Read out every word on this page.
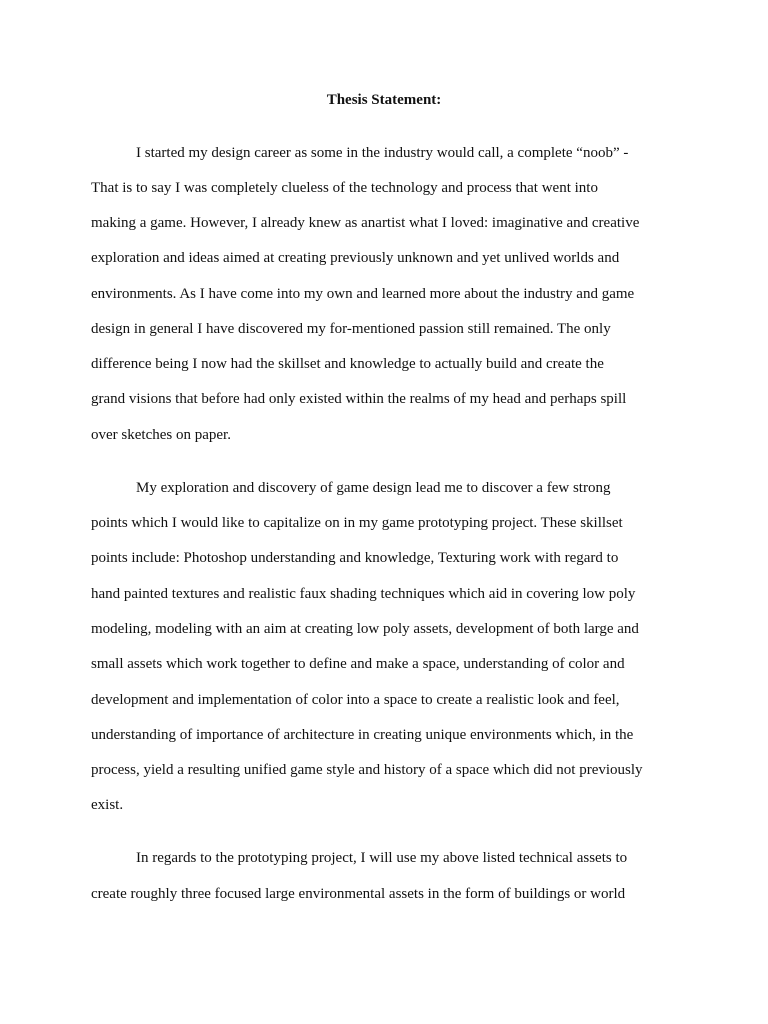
Thesis Statement:
I started my design career as some in the industry would call, a complete “noob” -
That is to say I was completely clueless of the technology and process that went into
making a game. However, I already knew as anartist what I loved: imaginative and creative
exploration and ideas aimed at creating previously unknown and yet unlived worlds and
environments. As I have come into my own and learned more about the industry and game
design in general I have discovered my for-mentioned passion still remained. The only
difference being I now had the skillset and knowledge to actually build and create the
grand visions that before had only existed within the realms of my head and perhaps spill
over sketches on paper.
My exploration and discovery of game design lead me to discover a few strong
points which I would like to capitalize on in my game prototyping project. These skillset
points include: Photoshop understanding and knowledge, Texturing work with regard to
hand painted textures and realistic faux shading techniques which aid in covering low poly
modeling, modeling with an aim at creating low poly assets, development of both large and
small assets which work together to define and make a space, understanding of color and
development and implementation of color into a space to create a realistic look and feel,
understanding of importance of architecture in creating unique environments which, in the
process, yield a resulting unified game style and history of a space which did not previously
exist.
In regards to the prototyping project, I will use my above listed technical assets to
create roughly three focused large environmental assets in the form of buildings or world
